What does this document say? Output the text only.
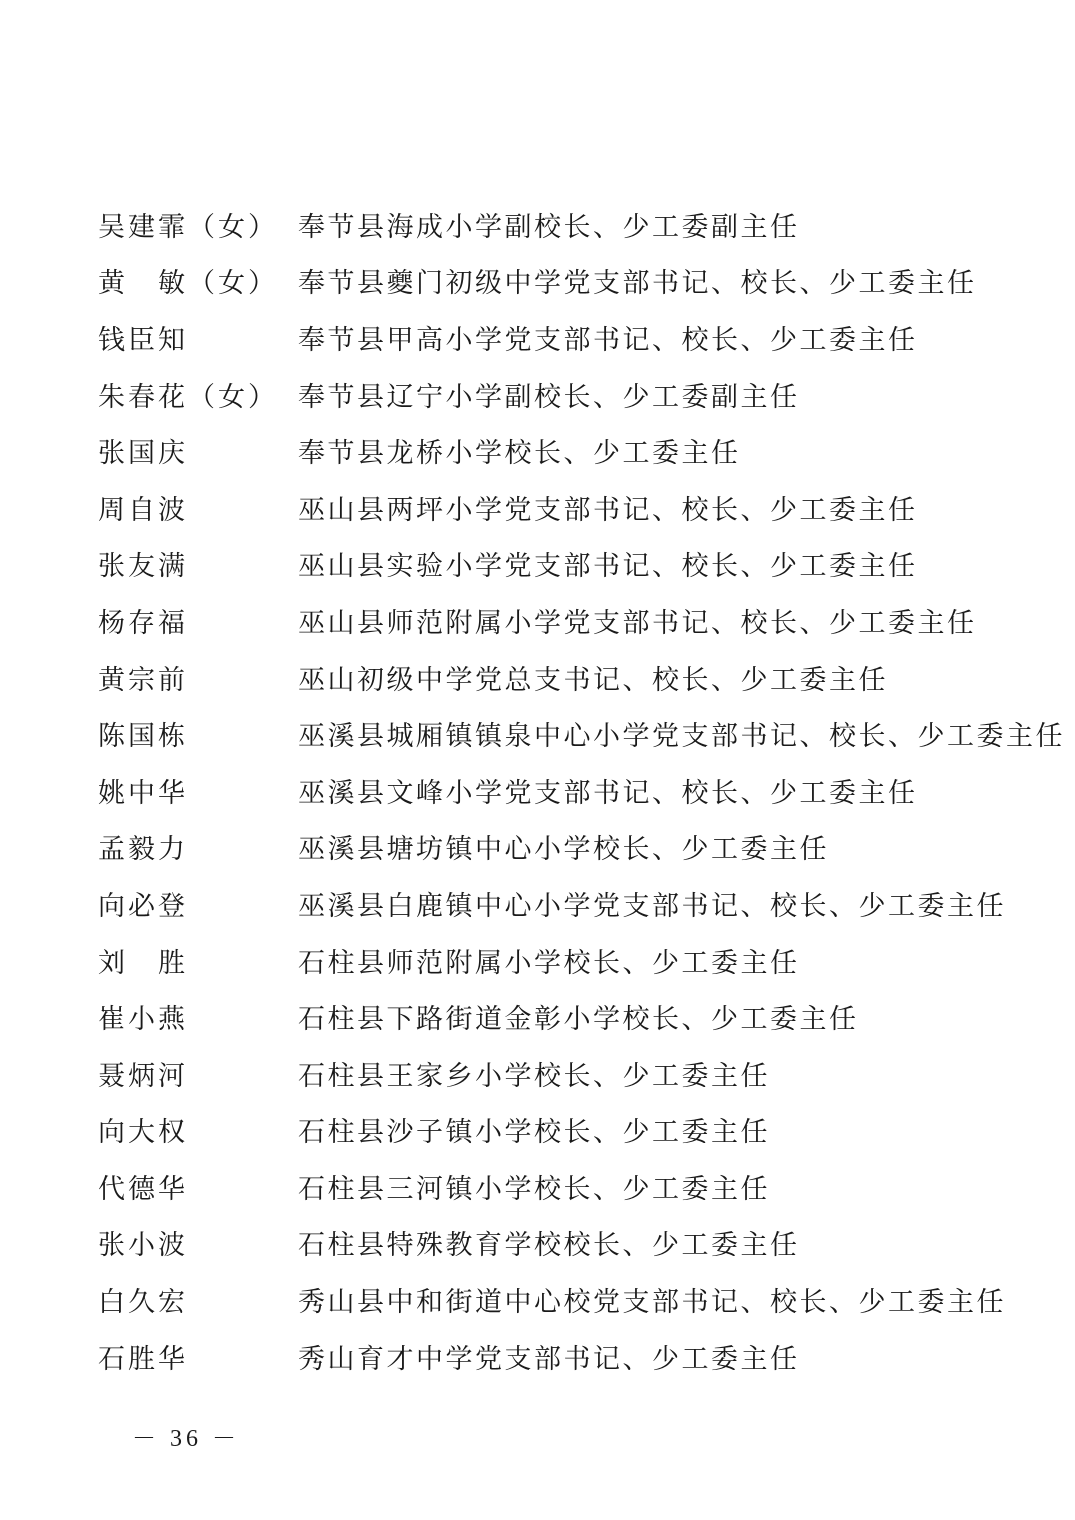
吴建霏（女） 奉节县海成小学副校长、少工委副主任
黄　敏（女） 奉节县夔门初级中学党支部书记、校长、少工委主任
钱臣知	奉节县甲高小学党支部书记、校长、少工委主任
朱春花（女） 奉节县辽宁小学副校长、少工委副主任
张国庆	奉节县龙桥小学校长、少工委主任
周自波	巫山县两坪小学党支部书记、校长、少工委主任
张友满	巫山县实验小学党支部书记、校长、少工委主任
杨存福	巫山县师范附属小学党支部书记、校长、少工委主任
黄宗前	巫山初级中学党总支书记、校长、少工委主任
陈国栋	巫溪县城厢镇镇泉中心小学党支部书记、校长、少工委主任
姚中华	巫溪县文峰小学党支部书记、校长、少工委主任
孟毅力	巫溪县塘坊镇中心小学校长、少工委主任
向必登	巫溪县白鹿镇中心小学党支部书记、校长、少工委主任
刘　胜	石柱县师范附属小学校长、少工委主任
崔小燕	石柱县下路街道金彰小学校长、少工委主任
聂炳河	石柱县王家乡小学校长、少工委主任
向大权	石柱县沙子镇小学校长、少工委主任
代德华	石柱县三河镇小学校长、少工委主任
张小波	石柱县特殊教育学校校长、少工委主任
白久宏	秀山县中和街道中心校党支部书记、校长、少工委主任
石胜华	秀山育才中学党支部书记、少工委主任
－ 36 －
